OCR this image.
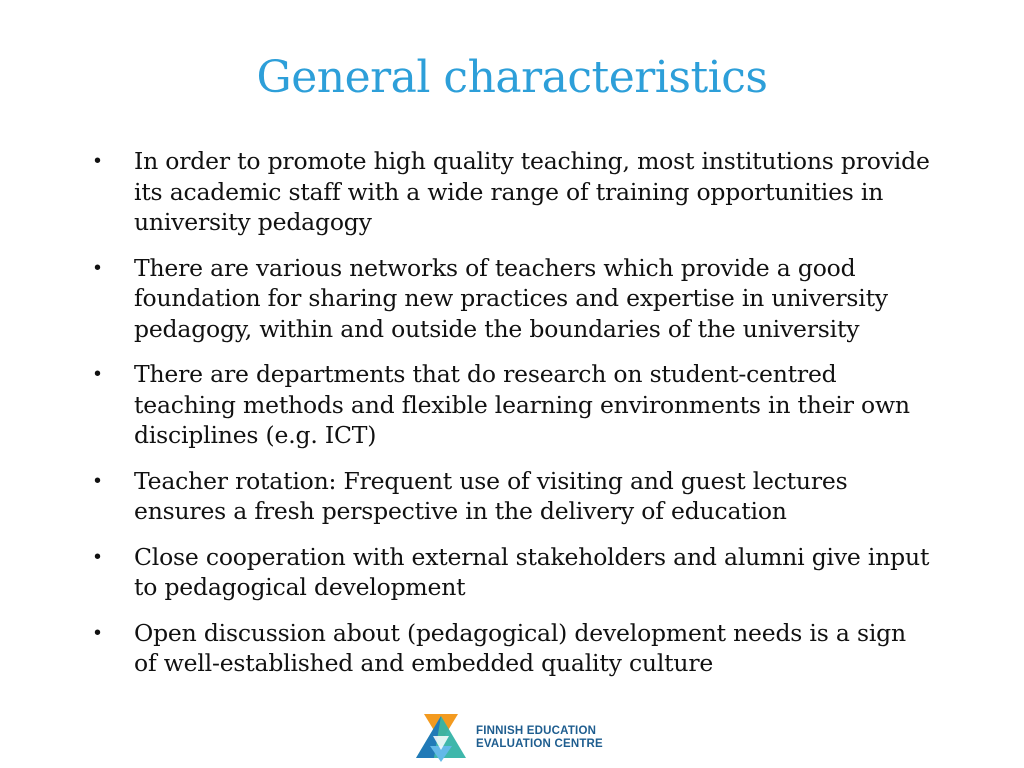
General characteristics
• In order to promote high quality teaching, most institutions provide its academic staff with a wide range of training opportunities in university pedagogy
• There are various networks of teachers which provide a good foundation for sharing new practices and expertise in university pedagogy, within and outside the boundaries of the university
• There are departments that do research on student-centred teaching methods and flexible learning environments in their own disciplines (e.g. ICT)
• Teacher rotation: Frequent use of visiting and guest lectures ensures a fresh perspective in the delivery of education
• Close cooperation with external stakeholders and alumni give input to pedagogical development
• Open discussion about (pedagogical) development needs is a sign of well-established and embedded quality culture
FINNISH EDUCATION
EVALUATION CENTRE
